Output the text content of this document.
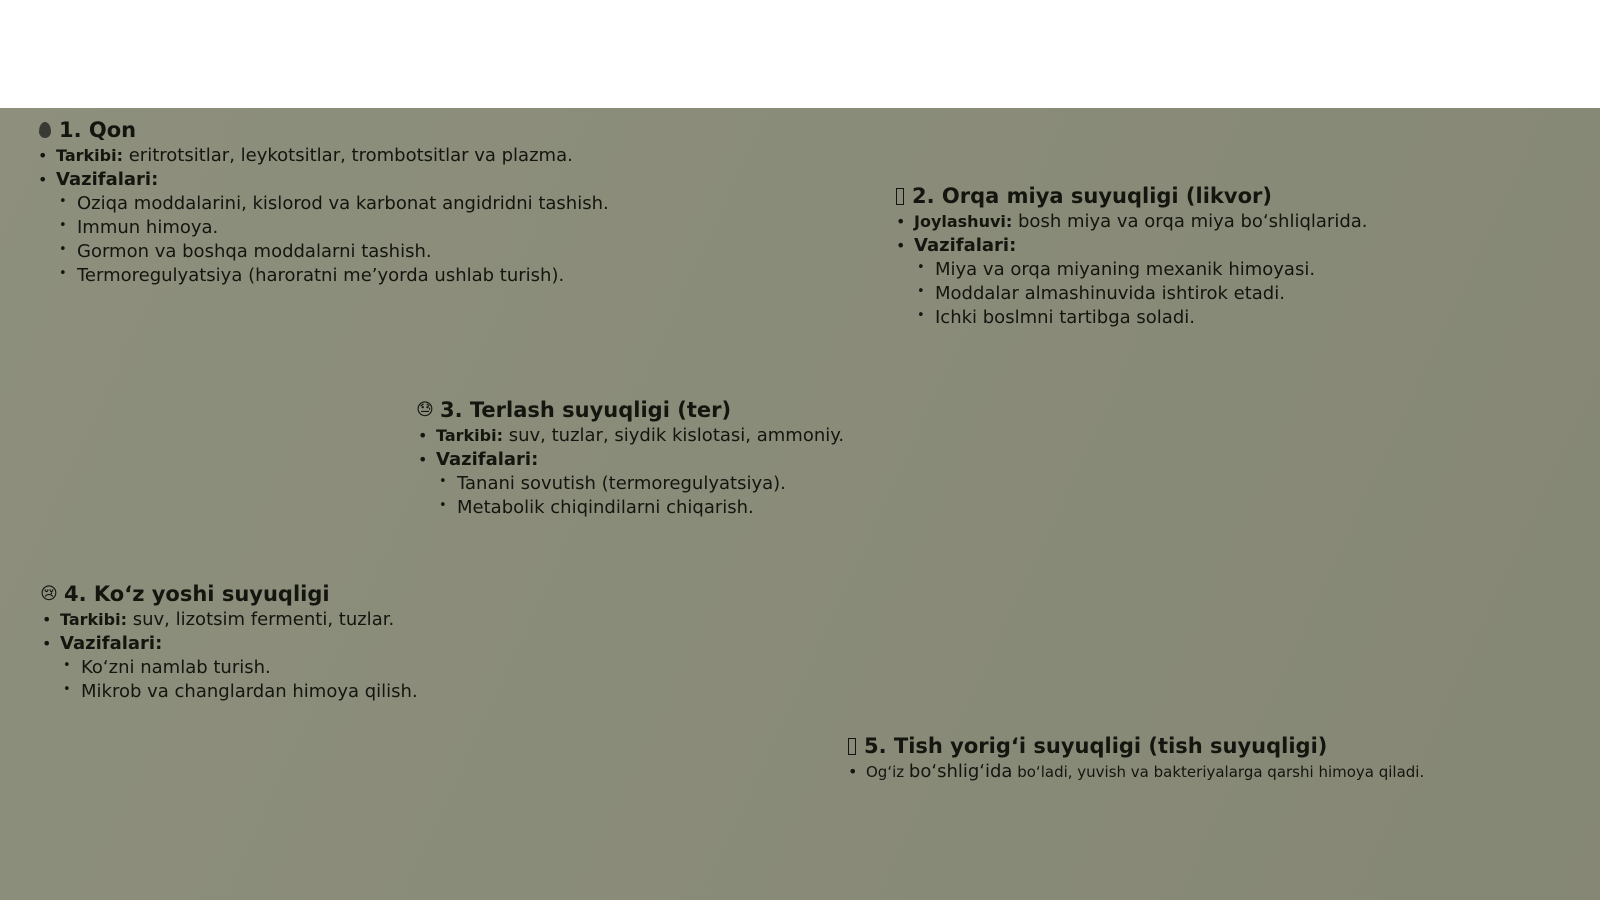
1. Qon
• Tarkibi: eritrotsitlar, leykotsitlar, trombotsitlar va plazma.
• Vazifalari:
• Oziqa moddalarini, kislorod va karbonat angidridni tashish.
• Immun himoya.
• Gormon va boshqa moddalarni tashish.
• Termoregulyatsiya (haroratni me’yorda ushlab turish).
2. Orqa miya suyuqligi (likvor)
• Joylashuvi: bosh miya va orqa miya bo‘shliqlarida.
• Vazifalari:
• Miya va orqa miyaning mexanik himoyasi.
• Moddalar almashinuvida ishtirok etadi.
• Ichki boslmni tartibga soladi.
😓 3. Terlash suyuqligi (ter)
• Tarkibi: suv, tuzlar, siydik kislotasi, ammoniy.
• Vazifalari:
• Tanani sovutish (termoregulyatsiya).
• Metabolik chiqindilarni chiqarish.
😢 4. Ko‘z yoshi suyuqligi
• Tarkibi: suv, lizotsim fermenti, tuzlar.
• Vazifalari:
• Ko‘zni namlab turish.
• Mikrob va changlardan himoya qilish.
5. Tish yorig‘i suyuqligi (tish suyuqligi)
• Og‘iz bo‘shlig‘ida bo‘ladi, yuvish va bakteriyalarga qarshi himoya qiladi.
